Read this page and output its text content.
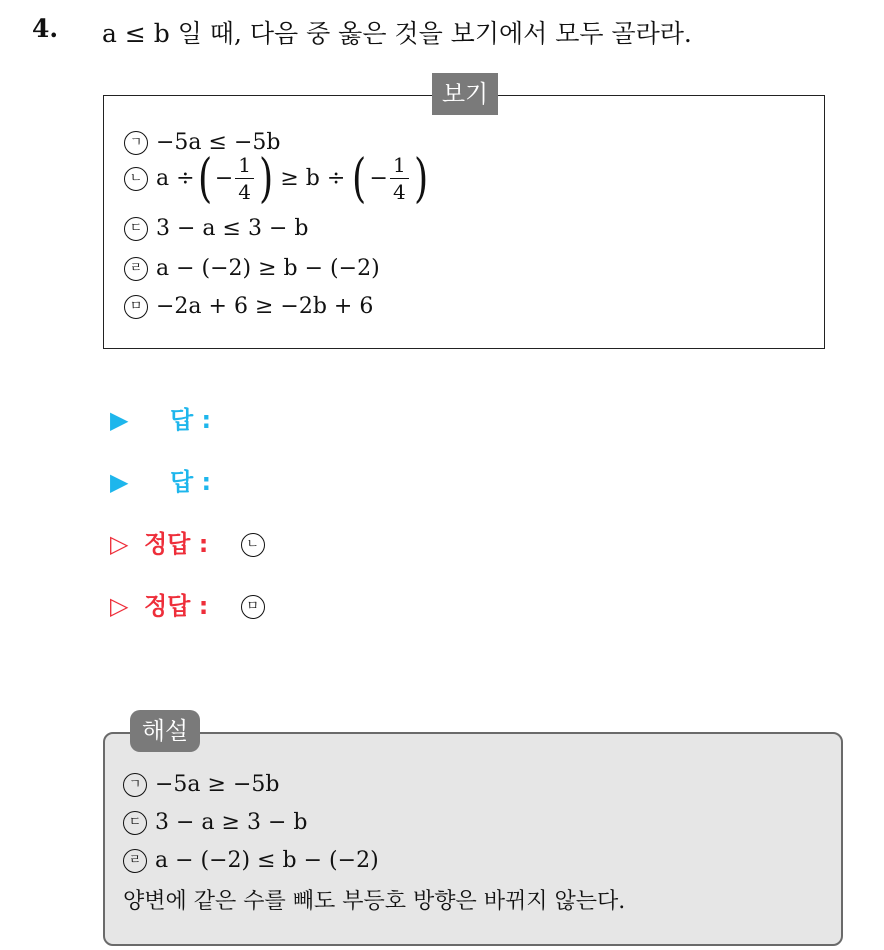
4. a ≤ b 일 때, 다음 중 옳은 것을 보기에서 모두 골라라.
보기
ㄱ −5a ≤ −5b
ㄴ a ÷ ( − $\frac{1}{4}$ ) ≥ b ÷ ( − $\frac{1}{4}$ )
ㄷ 3 − a ≤ 3 − b
ㄹ a − (−2) ≥ b − (−2)
ㅁ −2a + 6 ≥ −2b + 6
▶ 답 :
▶ 답 :
▷ 정답 :	ㄴ
▷ 정답 :	ㅁ
해설
ㄱ −5a ≥ −5b
ㄷ 3 − a ≥ 3 − b
ㄹ a − (−2) ≤ b − (−2)
양변에 같은 수를 빼도 부등호 방향은 바뀌지 않는다.
